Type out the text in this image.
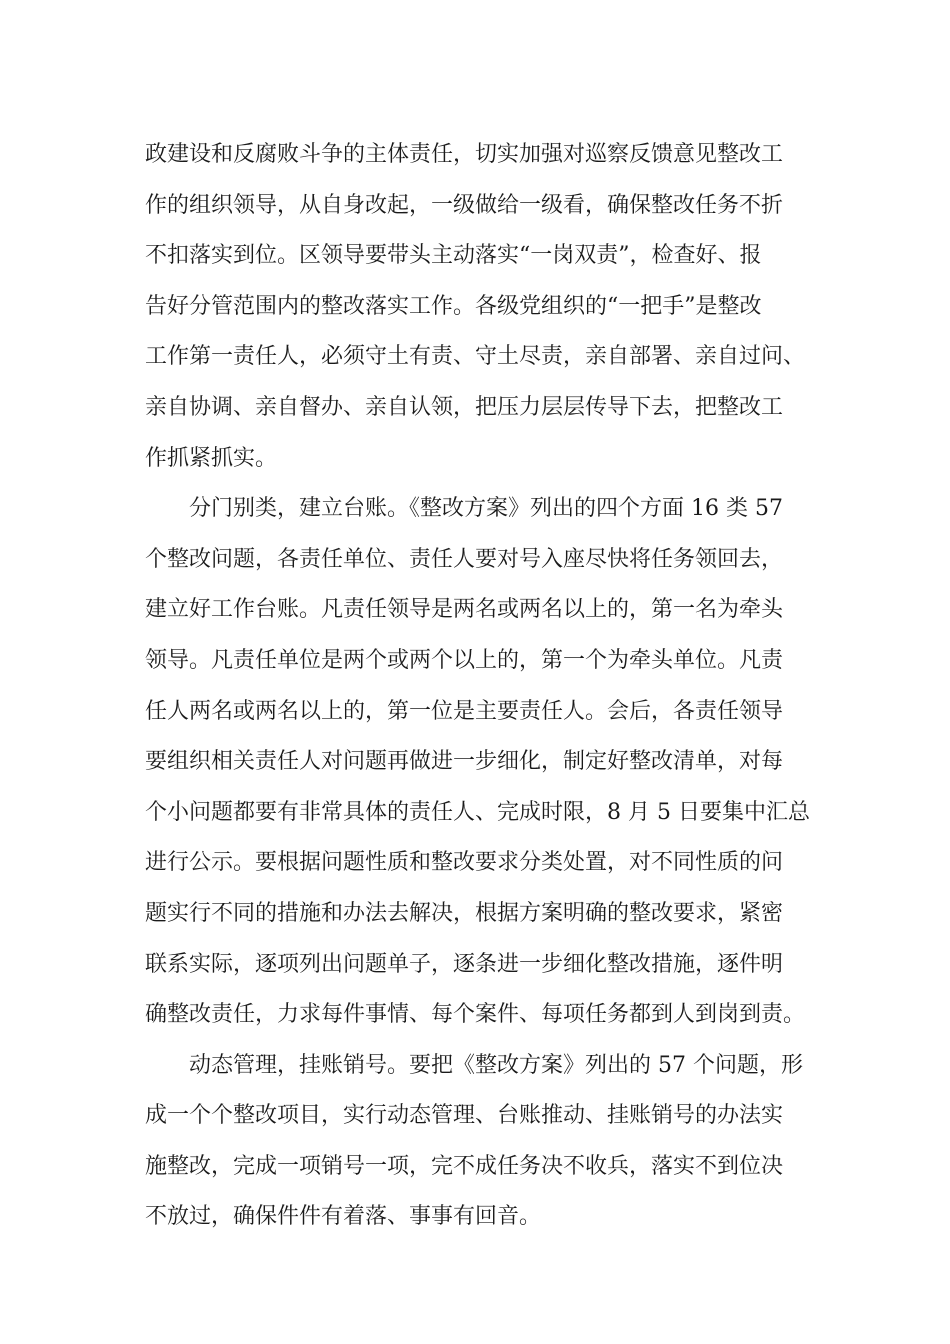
政建设和反腐败斗争的主体责任，切实加强对巡察反馈意见整改工
作的组织领导，从自身改起，一级做给一级看，确保整改任务不折
不扣落实到位。区领导要带头主动落实“一岗双责”，检查好、报
告好分管范围内的整改落实工作。各级党组织的“一把手”是整改
工作第一责任人，必须守土有责、守土尽责，亲自部署、亲自过问、
亲自协调、亲自督办、亲自认领，把压力层层传导下去，把整改工
作抓紧抓实。
分门别类，建立台账。《整改方案》列出的四个方面 16 类 57
个整改问题，各责任单位、责任人要对号入座尽快将任务领回去，
建立好工作台账。凡责任领导是两名或两名以上的，第一名为牵头
领导。凡责任单位是两个或两个以上的，第一个为牵头单位。凡责
任人两名或两名以上的，第一位是主要责任人。会后，各责任领导
要组织相关责任人对问题再做进一步细化，制定好整改清单，对每
个小问题都要有非常具体的责任人、完成时限，8 月 5 日要集中汇总
进行公示。要根据问题性质和整改要求分类处置，对不同性质的问
题实行不同的措施和办法去解决，根据方案明确的整改要求，紧密
联系实际，逐项列出问题单子，逐条进一步细化整改措施，逐件明
确整改责任，力求每件事情、每个案件、每项任务都到人到岗到责。
动态管理，挂账销号。要把《整改方案》列出的 57 个问题，形
成一个个整改项目，实行动态管理、台账推动、挂账销号的办法实
施整改，完成一项销号一项，完不成任务决不收兵，落实不到位决
不放过，确保件件有着落、事事有回音。
